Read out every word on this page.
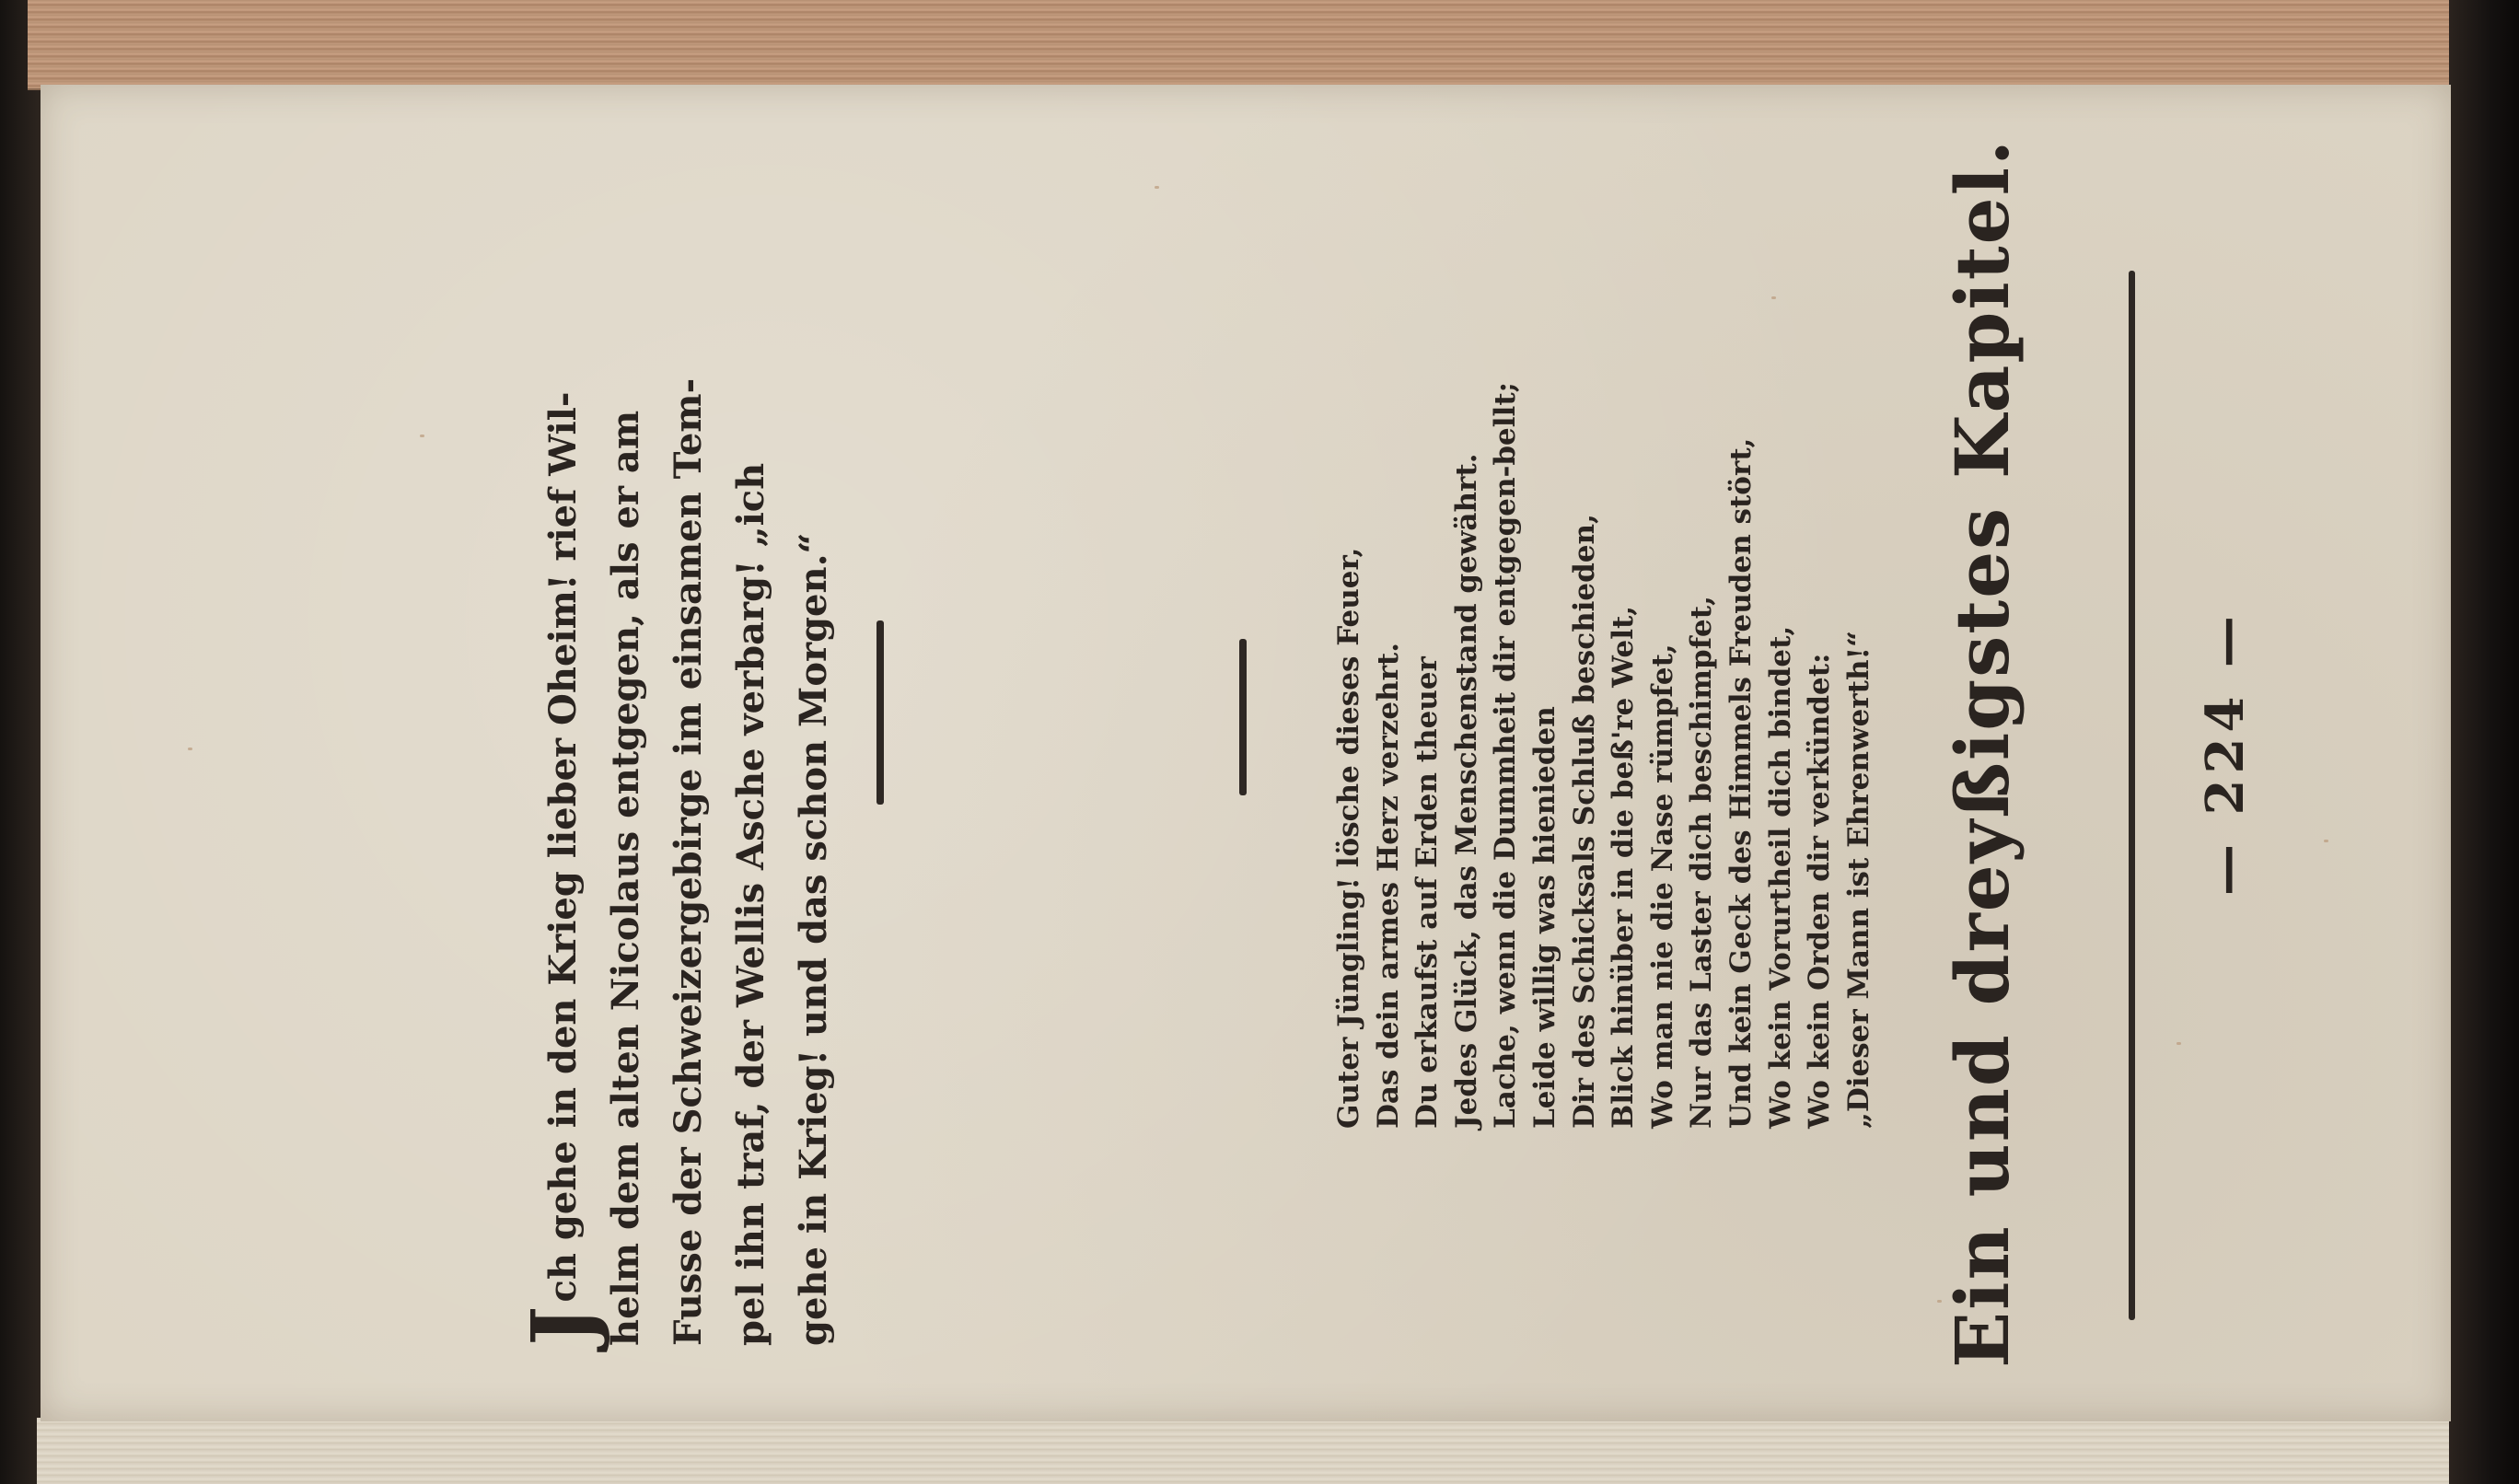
— 224 —
Ein und dreyßigstes Kapitel.
Guter Jüngling! lösche dieses Feuer, Das dein armes Herz verzehrt. Du erkaufst auf Erden theuer Jedes Glück, das Menschenstand gewährt. Lache, wenn die Dummheit dir entgegen-bellt; Leide willig was hienieden Dir des Schicksals Schluß beschieden, Blick hinüber in die beß're Welt, Wo man nie die Nase rümpfet, Nur das Laster dich beschimpfet, Und kein Geck des Himmels Freuden stört, Wo kein Vorurtheil dich bindet, Wo kein Orden dir verkündet: „Dieser Mann ist Ehrenwerth!“
Jch gehe in den Krieg lieber Oheim! rief Wil- helm dem alten Nicolaus entgegen, als er am Fusse der Schweizergebirge im einsamen Tem- pel ihn traf, der Wellis Asche verbarg! „ich gehe in Krieg! und das schon Morgen.“
